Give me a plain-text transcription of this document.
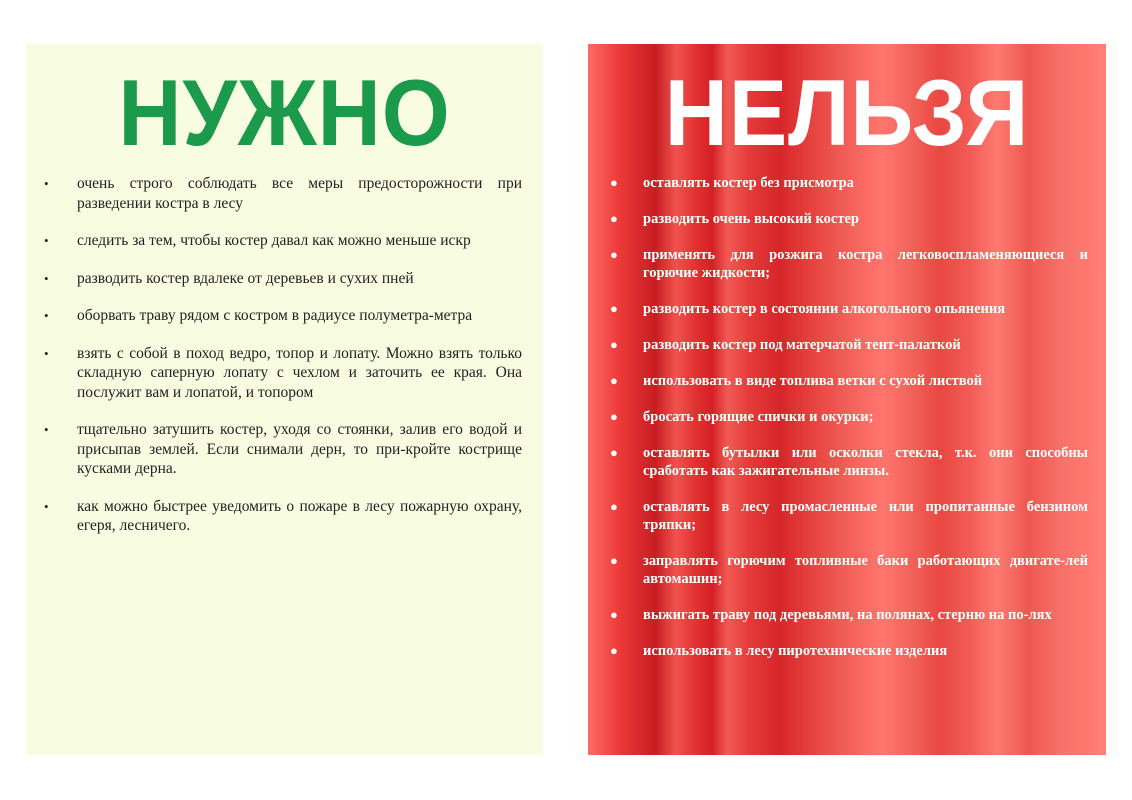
НУЖНО
• очень строго соблюдать все меры предосторожности при разведении костра в лесу
• следить за тем, чтобы костер давал как можно меньше искр
• разводить костер вдалеке от деревьев и сухих пней
• оборвать траву рядом с костром в радиусе полуметра-метра
• взять с собой в поход ведро, топор и лопату. Можно взять только складную саперную лопату с чехлом и заточить ее края. Она послужит вам и лопатой, и топором
• тщательно затушить костер, уходя со стоянки, залив его водой и присыпав землей. Если снимали дерн, то при-кройте кострище кусками дерна.
• как можно быстрее уведомить о пожаре в лесу пожарную охрану, егеря, лесничего.
НЕЛЬЗЯ
● оставлять костер без присмотра
● разводить очень высокий костер
● применять для розжига костра легковоспламеняющиеся и горючие жидкости;
● разводить костер в состоянии алкогольного опьянения
● разводить костер под матерчатой тент-палаткой
● использовать в виде топлива ветки с сухой листвой
● бросать горящие спички и окурки;
● оставлять бутылки или осколки стекла, т.к. они способны сработать как зажигательные линзы.
● оставлять в лесу промасленные или пропитанные бензином тряпки;
● заправлять горючим топливные баки работающих двигате-лей автомашин;
● выжигать траву под деревьями, на полянах, стерню на по-лях
● использовать в лесу пиротехнические изделия
